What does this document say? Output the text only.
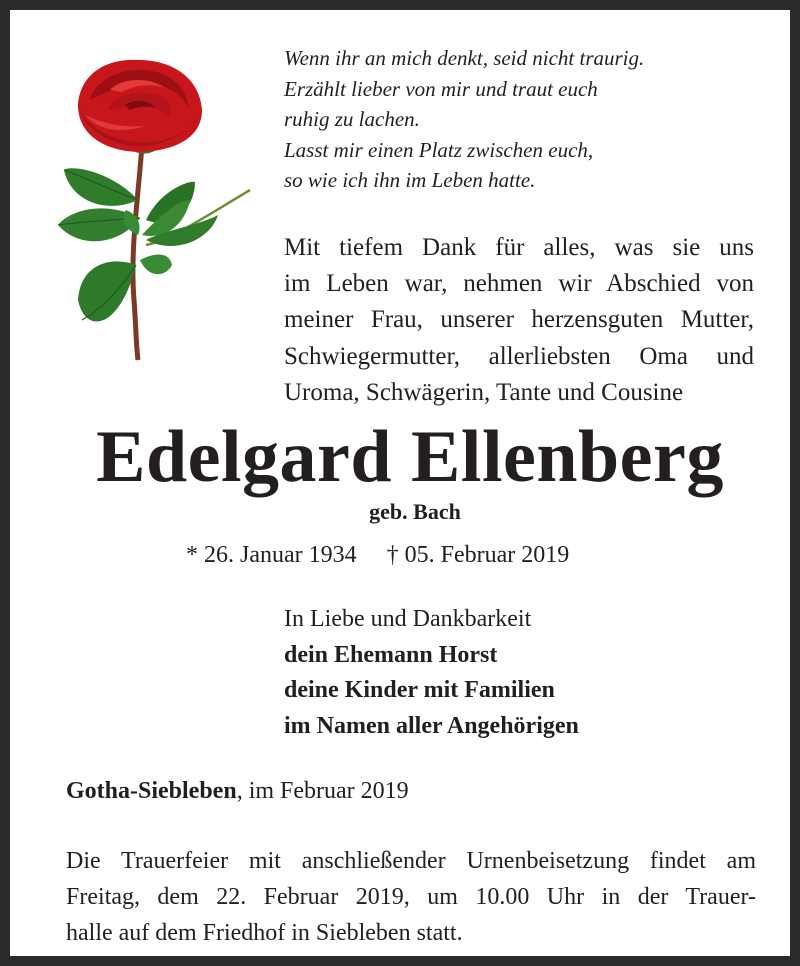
Wenn ihr an mich denkt, seid nicht traurig.
Erzählt lieber von mir und traut euch
ruhig zu lachen.
Lasst mir einen Platz zwischen euch,
so wie ich ihn im Leben hatte.
Mit tiefem Dank für alles, was sie uns
im Leben war, nehmen wir Abschied von
meiner Frau, unserer herzensguten Mutter,
Schwiegermutter, allerliebsten Oma und
Uroma, Schwägerin, Tante und Cousine
Edelgard Ellenberg
geb. Bach
* 26. Januar 1934 † 05. Februar 2019
In Liebe und Dankbarkeit
dein Ehemann Horst
deine Kinder mit Familien
im Namen aller Angehörigen
Gotha-Siebleben, im Februar 2019
Die Trauerfeier mit anschließender Urnenbeisetzung findet am
Freitag, dem 22. Februar 2019, um 10.00 Uhr in der Trauer-
halle auf dem Friedhof in Siebleben statt.
